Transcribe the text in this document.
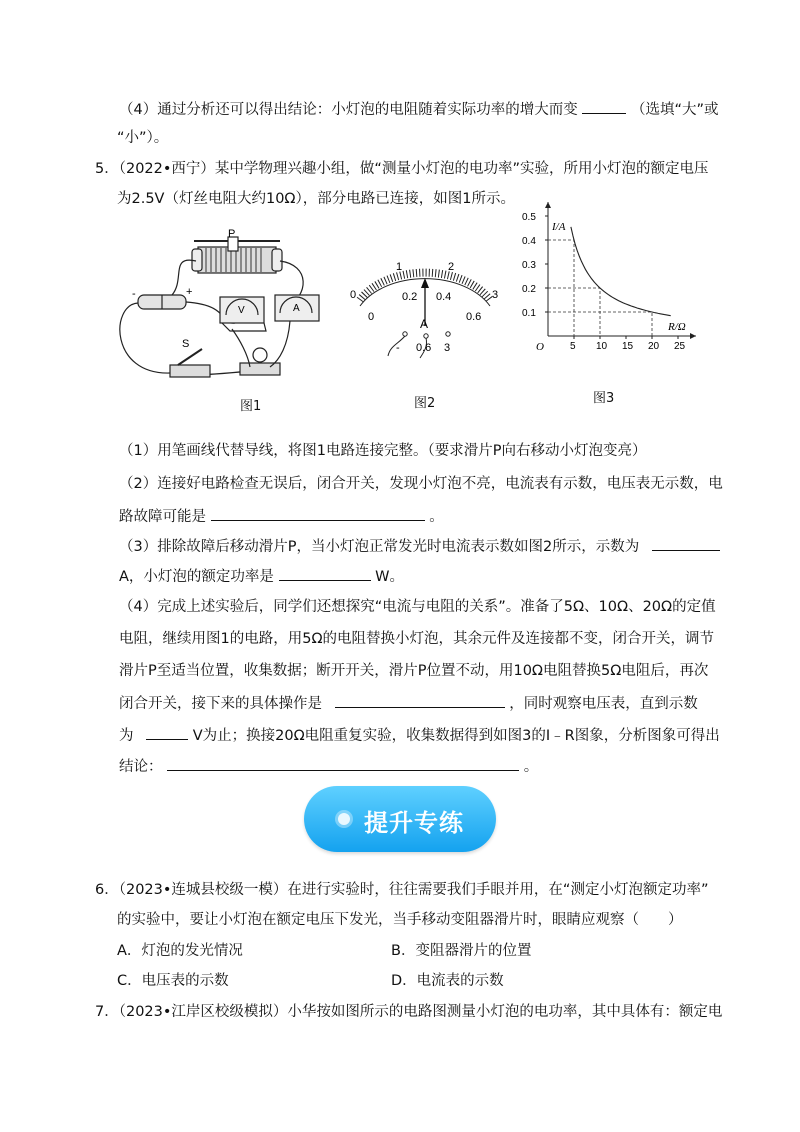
（4）通过分析还可以得出结论：小灯泡的电阻随着实际功率的增大而变	（选填“大”或
“小”）。
5．（2022•西宁）某中学物理兴趣小组，做“测量小灯泡的电功率”实验，所用小灯泡的额定电压
为2.5V（灯丝电阻大约10Ω），部分电路已连接，如图1所示。
P
S
-	+
V	A
图1
0
1	2
3
0
0.2 0.4
0.6
A
- 0.6 3
图2
0.1
0.2
0.3
0.4
0.5
5 10 15 20 25
I/A
R/Ω
O
图3
（1）用笔画线代替导线，将图1电路连接完整。（要求滑片P向右移动小灯泡变亮）
（2）连接好电路检查无误后，闭合开关，发现小灯泡不亮，电流表有示数，电压表无示数，电
路故障可能是	。
（3）排除故障后移动滑片P，当小灯泡正常发光时电流表示数如图2所示，示数为
A，小灯泡的额定功率是	W。
（4）完成上述实验后，同学们还想探究“电流与电阻的关系”。准备了5Ω、10Ω、20Ω的定值
电阻，继续用图1的电路，用5Ω的电阻替换小灯泡，其余元件及连接都不变，闭合开关，调节
滑片P至适当位置，收集数据；断开开关，滑片P位置不动，用10Ω电阻替换5Ω电阻后，再次
闭合开关，接下来的具体操作是	，同时观察电压表，直到示数
为	V为止；换接20Ω电阻重复实验，收集数据得到如图3的I﹣R图象，分析图象可得出
结论：	。
提升专练
6．（2023•连城县校级一模）在进行实验时，往往需要我们手眼并用，在“测定小灯泡额定功率”
的实验中，要让小灯泡在额定电压下发光，当手移动变阻器滑片时，眼睛应观察（　　）
A．灯泡的发光情况	B．变阻器滑片的位置
C．电压表的示数	D．电流表的示数
7．（2023•江岸区校级模拟）小华按如图所示的电路图测量小灯泡的电功率，其中具体有：额定电
